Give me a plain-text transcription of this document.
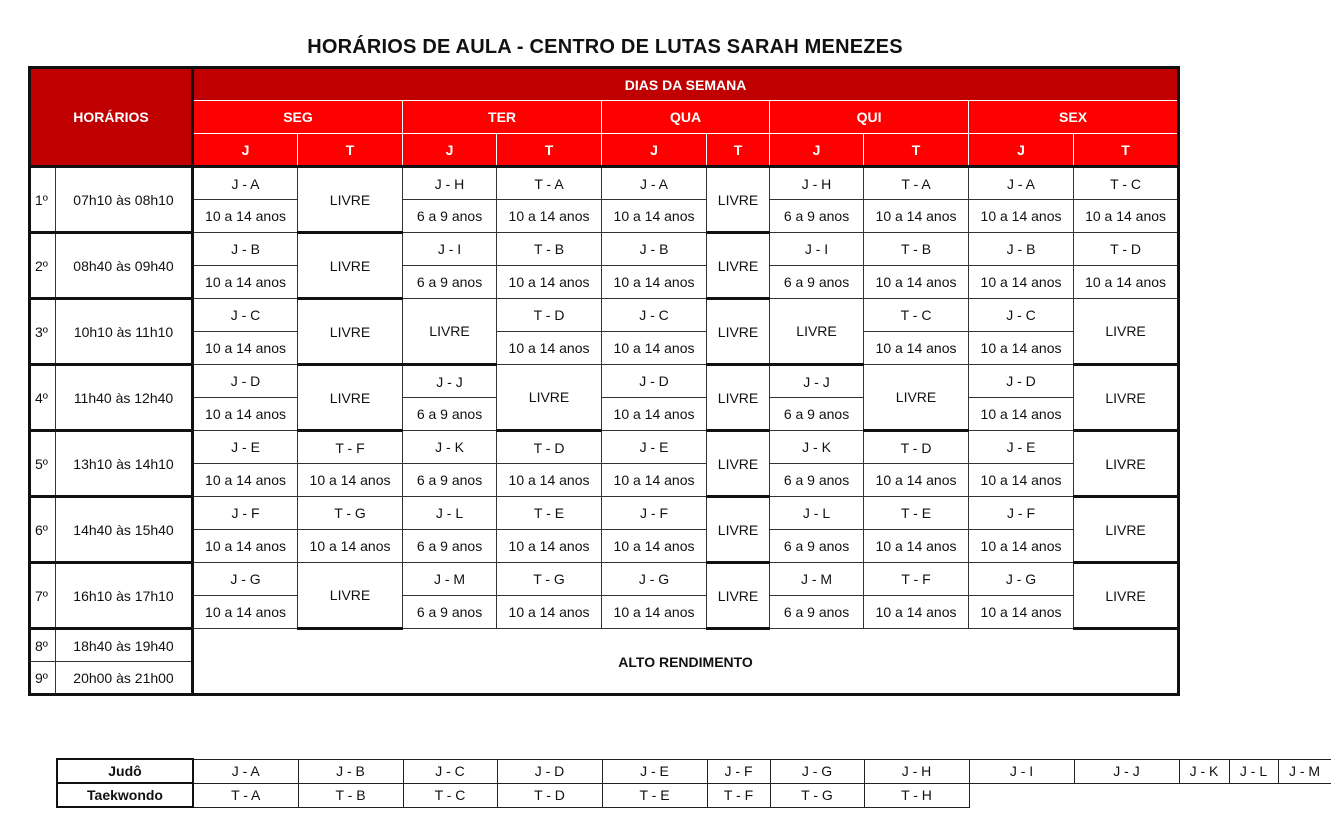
HORÁRIOS DE AULA - CENTRO DE LUTAS SARAH MENEZES
HORÁRIOS		DIAS DA SEMANA									
		SEG		TER		QUA		QUI		SEX	
		J	T	J	T	J	T	J	T	J	T
1º	07h10 às 08h10	J - A	LIVRE	J - H	T - A	J - A	LIVRE	J - H	T - A	J - A	T - C
		10 a 14 anos		6 a 9 anos	10 a 14 anos	10 a 14 anos		6 a 9 anos	10 a 14 anos	10 a 14 anos	10 a 14 anos
2º	08h40 às 09h40	J - B	LIVRE	J - I	T - B	J - B	LIVRE	J - I	T - B	J - B	T - D
		10 a 14 anos		6 a 9 anos	10 a 14 anos	10 a 14 anos		6 a 9 anos	10 a 14 anos	10 a 14 anos	10 a 14 anos
3º	10h10 às 11h10	J - C	LIVRE	LIVRE	T - D	J - C	LIVRE	LIVRE	T - C	J - C	LIVRE
		10 a 14 anos			10 a 14 anos	10 a 14 anos			10 a 14 anos	10 a 14 anos	
4º	11h40 às 12h40	J - D	LIVRE	J - J	LIVRE	J - D	LIVRE	J - J	LIVRE	J - D	LIVRE
		10 a 14 anos		6 a 9 anos		10 a 14 anos		6 a 9 anos		10 a 14 anos	
5º	13h10 às 14h10	J - E	T - F	J - K	T - D	J - E	LIVRE	J - K	T - D	J - E	LIVRE
		10 a 14 anos	10 a 14 anos	6 a 9 anos	10 a 14 anos	10 a 14 anos		6 a 9 anos	10 a 14 anos	10 a 14 anos	
6º	14h40 às 15h40	J - F	T - G	J - L	T - E	J - F	LIVRE	J - L	T - E	J - F	LIVRE
		10 a 14 anos	10 a 14 anos	6 a 9 anos	10 a 14 anos	10 a 14 anos		6 a 9 anos	10 a 14 anos	10 a 14 anos	
7º	16h10 às 17h10	J - G	LIVRE	J - M	T - G	J - G	LIVRE	J - M	T - F	J - G	LIVRE
		10 a 14 anos		6 a 9 anos	10 a 14 anos	10 a 14 anos		6 a 9 anos	10 a 14 anos	10 a 14 anos	
8º	18h40 às 19h40	ALTO RENDIMENTO									
9º	20h00 às 21h00										
Judô	J - A	J - B	J - C	J - D	J - E	J - F	J - G	J - H	J - I	J - J	J - K	J - L	J - M
Taekwondo	T - A	T - B	T - C	T - D	T - E	T - F	T - G	T - H					
